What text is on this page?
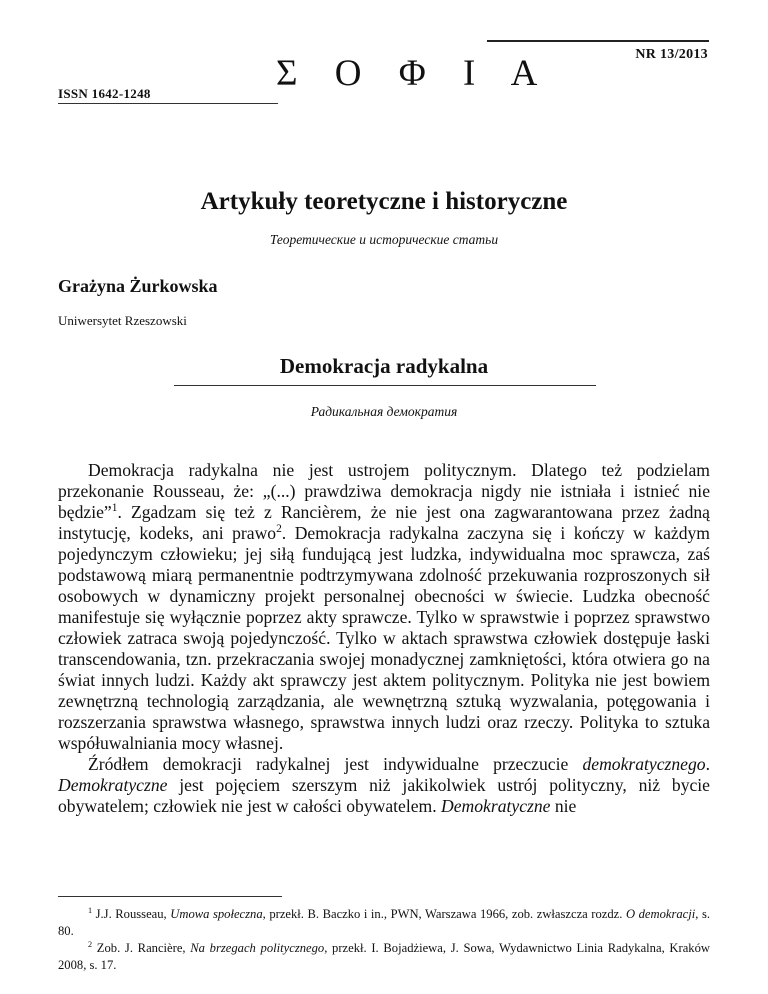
NR 13/2013
Σ Ο Φ Ι Α
ISSN 1642-1248
Artykuły teoretyczne i historyczne
Теоретические и исторические статьи
Grażyna Żurkowska
Uniwersytet Rzeszowski
Demokracja radykalna
Радикальная демократия

Demokracja radykalna nie jest ustrojem politycznym. Dlatego też podzielam przekonanie Rousseau, że: „(...) prawdziwa demokracja nigdy nie istniała i istnieć nie będzie”$^1$. Zgadzam się też z Rancièrem, że nie jest ona zagwarantowana przez żadną instytucję, kodeks, ani prawo$^2$. Demokracja radykalna zaczyna się i kończy w każdym pojedynczym człowieku; jej siłą fundującą jest ludzka, indywidualna moc sprawcza, zaś podstawową miarą permanentnie podtrzymywana zdolność przekuwania rozproszonych sił osobowych w dynamiczny projekt personalnej obecności w świecie. Ludzka obecność manifestuje się wyłącznie poprzez akty sprawcze. Tylko w sprawstwie i poprzez sprawstwo człowiek zatraca swoją pojedynczość. Tylko w aktach sprawstwa człowiek dostępuje łaski transcendowania, tzn. przekraczania swojej monadycznej zamkniętości, która otwiera go na świat innych ludzi. Każdy akt sprawczy jest aktem politycznym. Polityka nie jest bowiem zewnętrzną technologią zarządzania, ale wewnętrzną sztuką wyzwalania, potęgowania i rozszerzania sprawstwa własnego, sprawstwa innych ludzi oraz rzeczy. Polityka to sztuka współuwalniania mocy własnej.

Źródłem demokracji radykalnej jest indywidualne przeczucie demokratycznego. Demokratyczne jest pojęciem szerszym niż jakikolwiek ustrój polityczny, niż bycie obywatelem; człowiek nie jest w całości obywatelem. Demokratyczne nie

$^1$ J.J. Rousseau, Umowa społeczna, przekł. B. Baczko i in., PWN, Warszawa 1966, zob. zwłaszcza rozdz. O demokracji, s. 80.

$^2$ Zob. J. Rancière, Na brzegach politycznego, przekł. I. Bojadżiewa, J. Sowa, Wydawnictwo Linia Radykalna, Kraków 2008, s. 17.
